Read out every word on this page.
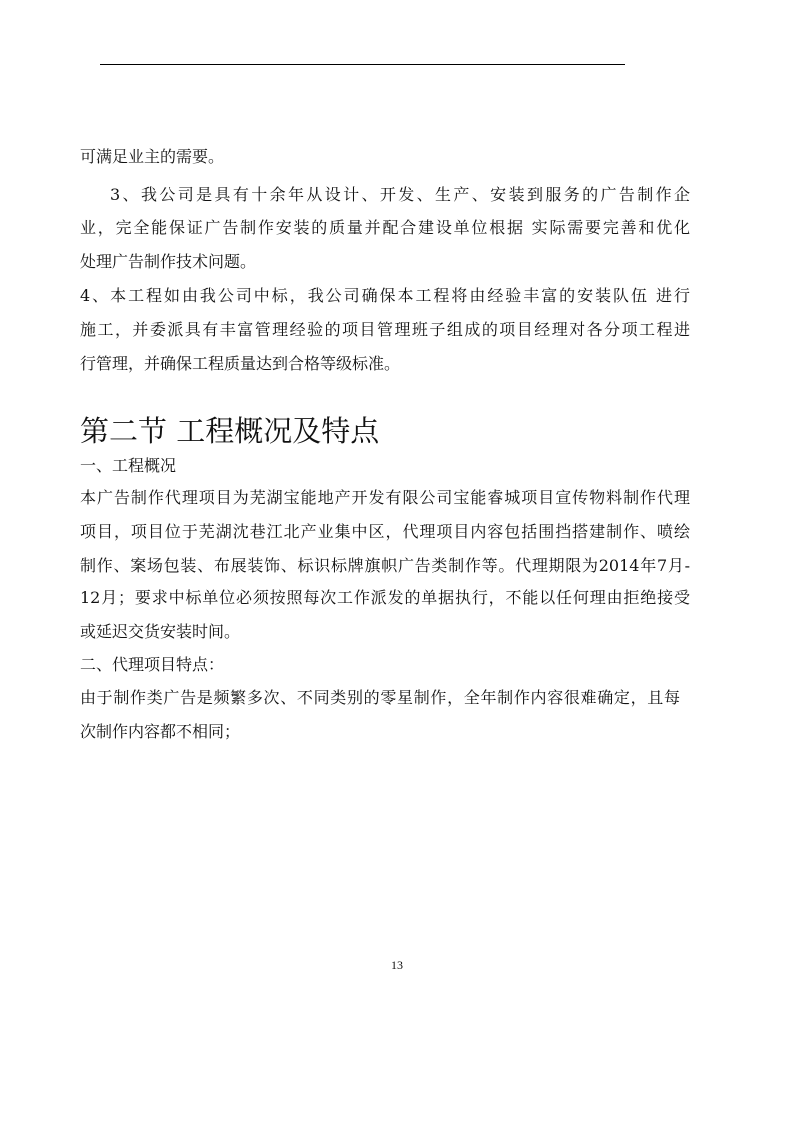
可满足业主的需要。
3、我公司是具有十余年从设计、开发、生产、安装到服务的广告制作企
业，完全能保证广告制作安装的质量并配合建设单位根据 实际需要完善和优化
处理广告制作技术问题。
4、本工程如由我公司中标，我公司确保本工程将由经验丰富的安装队伍 进行
施工，并委派具有丰富管理经验的项目管理班子组成的项目经理对各分项工程进
行管理，并确保工程质量达到合格等级标准。
第二节 工程概况及特点
一、工程概况
本广告制作代理项目为芜湖宝能地产开发有限公司宝能睿城项目宣传物料制作代理
项目，项目位于芜湖沈巷江北产业集中区，代理项目内容包括围挡搭建制作、喷绘
制作、案场包装、布展装饰、标识标牌旗帜广告类制作等。代理期限为2014年7月-
12月；要求中标单位必须按照每次工作派发的单据执行，不能以任何理由拒绝接受
或延迟交货安装时间。
二、代理项目特点：
由于制作类广告是频繁多次、不同类别的零星制作，全年制作内容很难确定，且每
次制作内容都不相同；
13
